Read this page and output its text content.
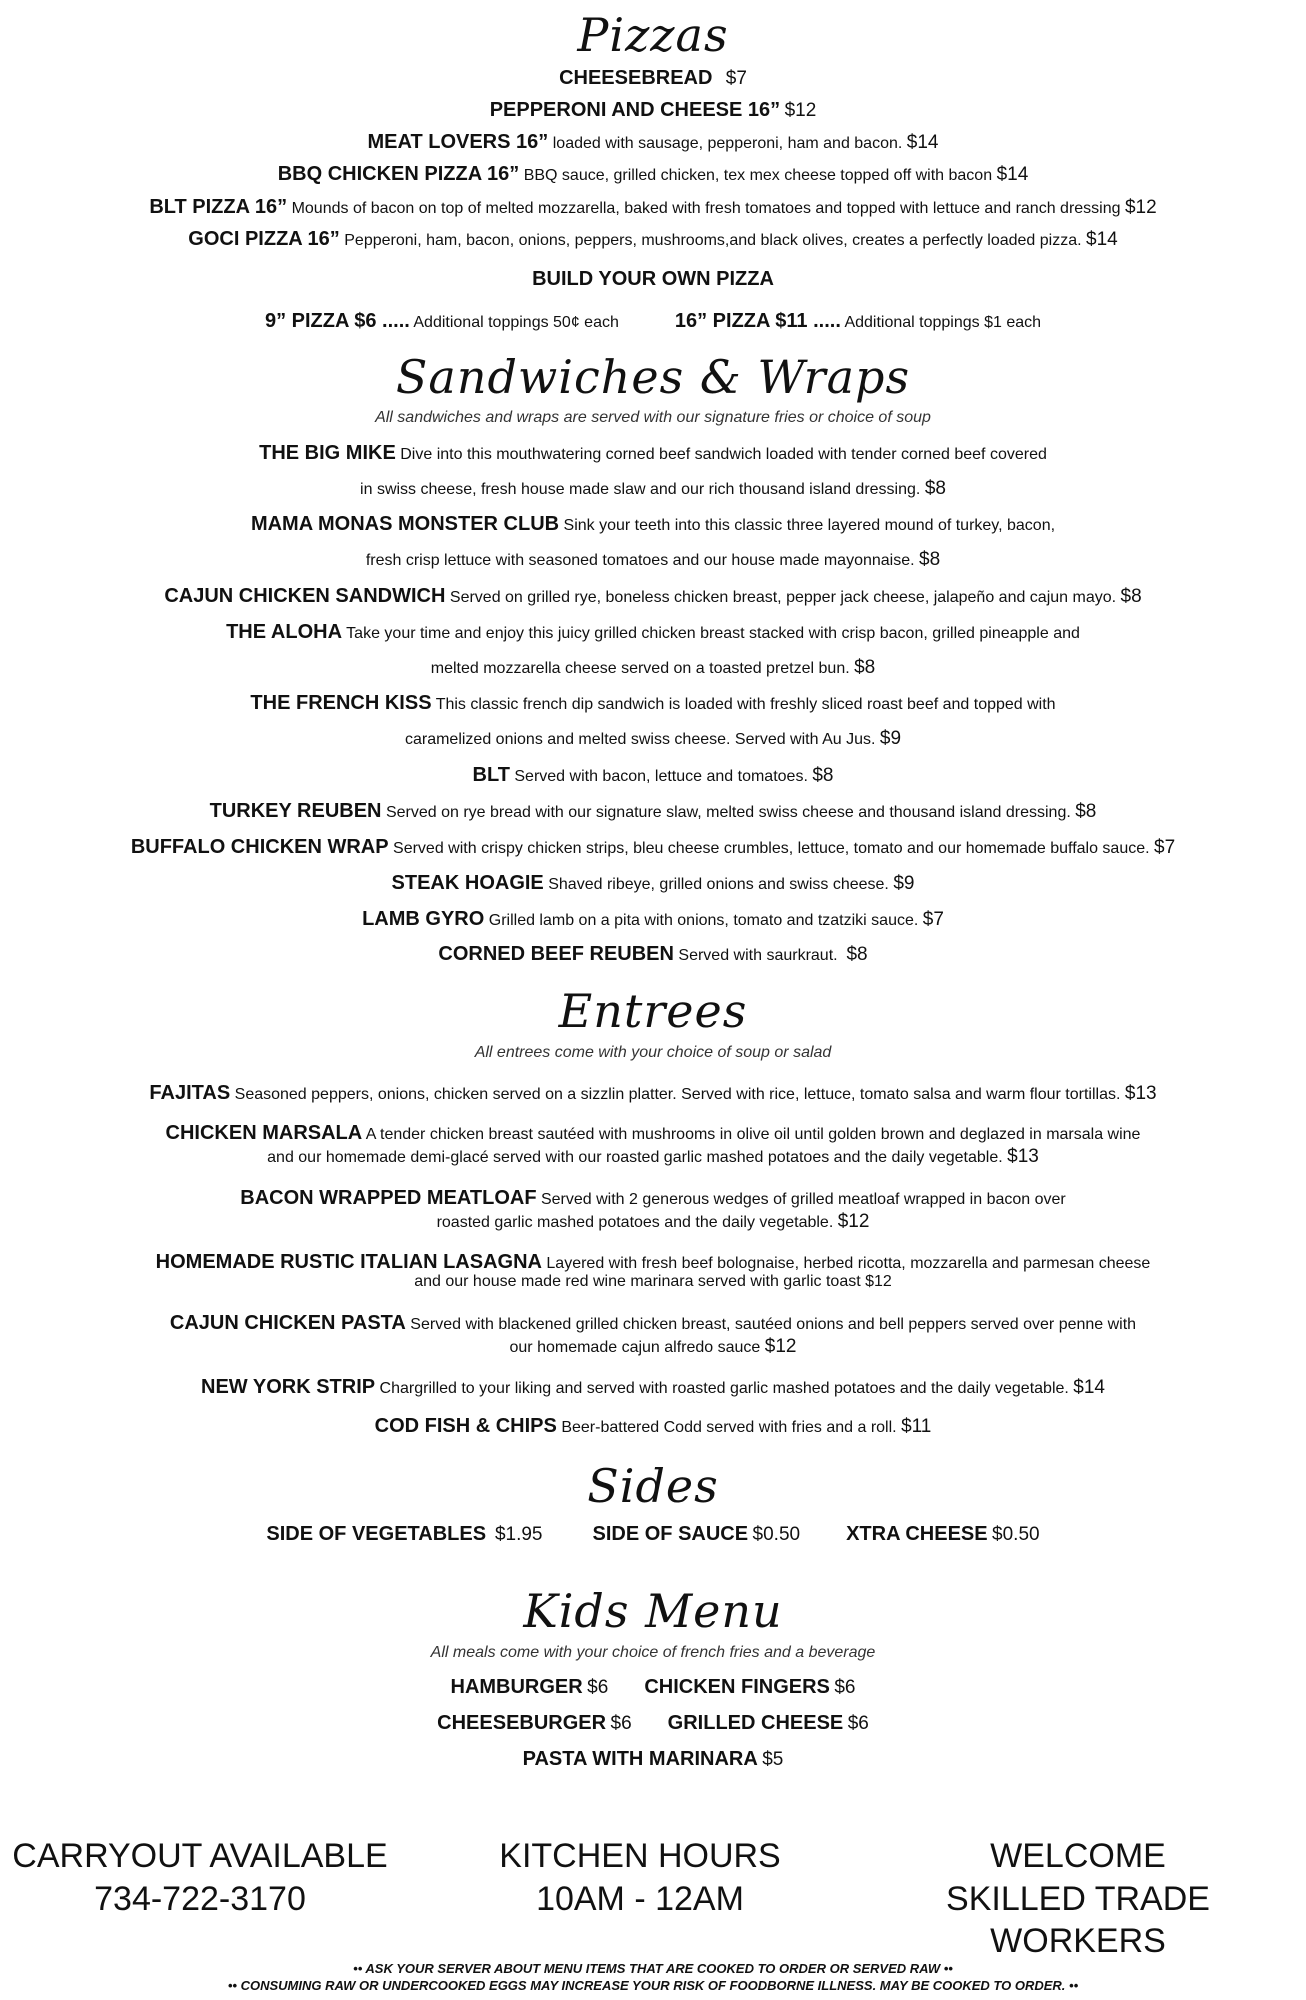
Pizzas
CHEESEBREAD $7
PEPPERONI AND CHEESE 16” $12
MEAT LOVERS 16” loaded with sausage, pepperoni, ham and bacon. $14
BBQ CHICKEN PIZZA 16” BBQ sauce, grilled chicken, tex mex cheese topped off with bacon $14
BLT PIZZA 16” Mounds of bacon on top of melted mozzarella, baked with fresh tomatoes and topped with lettuce and ranch dressing $12
GOCI PIZZA 16” Pepperoni, ham, bacon, onions, peppers, mushrooms,and black olives, creates a perfectly loaded pizza. $14
BUILD YOUR OWN PIZZA
9” PIZZA $6 ..... Additional toppings 50¢ each	16” PIZZA $11 ..... Additional toppings $1 each
Sandwiches & Wraps
All sandwiches and wraps are served with our signature fries or choice of soup
THE BIG MIKE Dive into this mouthwatering corned beef sandwich loaded with tender corned beef covered
in swiss cheese, fresh house made slaw and our rich thousand island dressing. $8
MAMA MONAS MONSTER CLUB Sink your teeth into this classic three layered mound of turkey, bacon,
fresh crisp lettuce with seasoned tomatoes and our house made mayonnaise. $8
CAJUN CHICKEN SANDWICH Served on grilled rye, boneless chicken breast, pepper jack cheese, jalapeño and cajun mayo. $8
THE ALOHA Take your time and enjoy this juicy grilled chicken breast stacked with crisp bacon, grilled pineapple and
melted mozzarella cheese served on a toasted pretzel bun. $8
THE FRENCH KISS This classic french dip sandwich is loaded with freshly sliced roast beef and topped with
caramelized onions and melted swiss cheese. Served with Au Jus. $9
BLT Served with bacon, lettuce and tomatoes. $8
TURKEY REUBEN Served on rye bread with our signature slaw, melted swiss cheese and thousand island dressing. $8
BUFFALO CHICKEN WRAP Served with crispy chicken strips, bleu cheese crumbles, lettuce, tomato and our homemade buffalo sauce. $7
STEAK HOAGIE Shaved ribeye, grilled onions and swiss cheese. $9
LAMB GYRO Grilled lamb on a pita with onions, tomato and tzatziki sauce. $7
CORNED BEEF REUBEN Served with saurkraut. $8
Entrees
All entrees come with your choice of soup or salad
FAJITAS Seasoned peppers, onions, chicken served on a sizzlin platter. Served with rice, lettuce, tomato salsa and warm flour tortillas. $13
CHICKEN MARSALA A tender chicken breast sautéed with mushrooms in olive oil until golden brown and deglazed in marsala wine
and our homemade demi-glacé served with our roasted garlic mashed potatoes and the daily vegetable. $13
BACON WRAPPED MEATLOAF Served with 2 generous wedges of grilled meatloaf wrapped in bacon over
roasted garlic mashed potatoes and the daily vegetable. $12
HOMEMADE RUSTIC ITALIAN LASAGNA Layered with fresh beef bolognaise, herbed ricotta, mozzarella and parmesan cheese
and our house made red wine marinara served with garlic toast $12
CAJUN CHICKEN PASTA Served with blackened grilled chicken breast, sautéed onions and bell peppers served over penne with
our homemade cajun alfredo sauce $12
NEW YORK STRIP Chargrilled to your liking and served with roasted garlic mashed potatoes and the daily vegetable. $14
COD FISH & CHIPS Beer-battered Codd served with fries and a roll. $11
Sides
SIDE OF VEGETABLES $1.95	SIDE OF SAUCE $0.50 XTRA CHEESE $0.50
Kids Menu
All meals come with your choice of french fries and a beverage
HAMBURGER $6 CHICKEN FINGERS $6
CHEESEBURGER $6 GRILLED CHEESE $6
PASTA WITH MARINARA $5
CARRYOUT AVAILABLE
734-722-3170
KITCHEN HOURS
10AM - 12AM
WELCOME
SKILLED TRADE WORKERS
•• ASK YOUR SERVER ABOUT MENU ITEMS THAT ARE COOKED TO ORDER OR SERVED RAW ••
•• CONSUMING RAW OR UNDERCOOKED EGGS MAY INCREASE YOUR RISK OF FOODBORNE ILLNESS. MAY BE COOKED TO ORDER. ••
